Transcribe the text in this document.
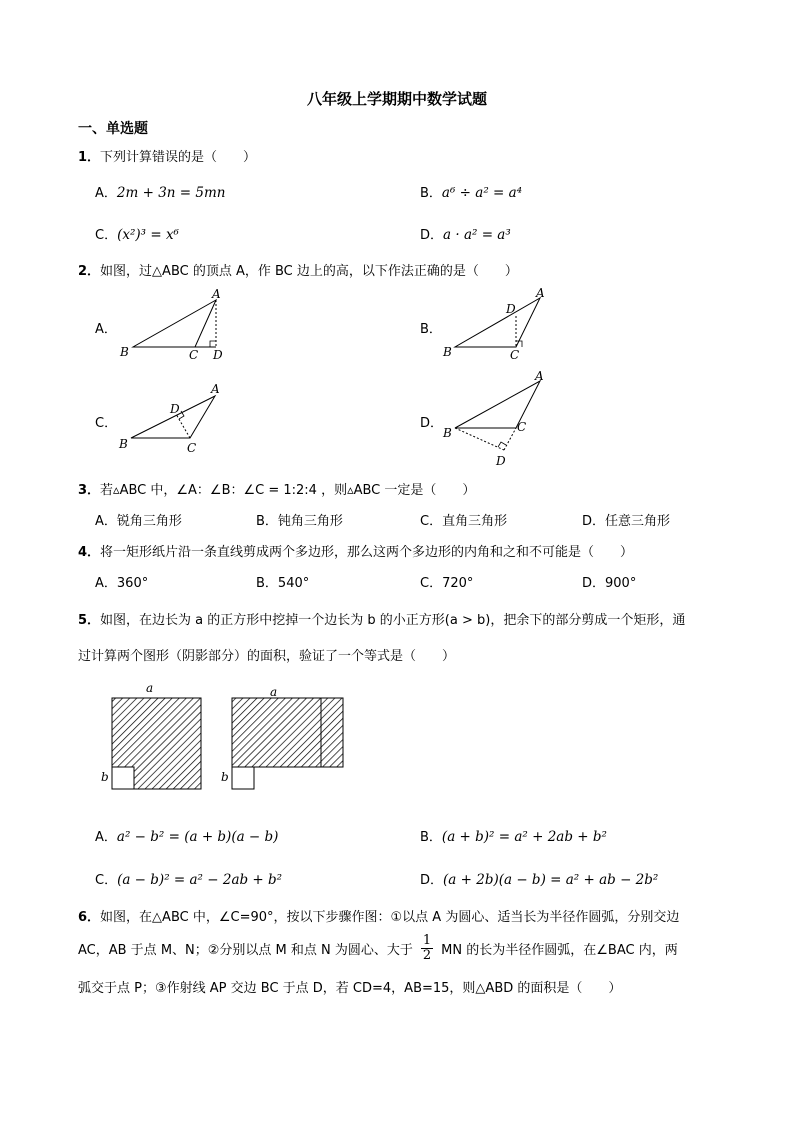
八年级上学期期中数学试题
一、单选题
1．下列计算错误的是（　　）
A．2m + 3n = 5mn	B．a⁶ ÷ a² = a⁴
C．(x²)³ = x⁶	D．a · a² = a³
2．如图，过△ABC 的顶点 A，作 BC 边上的高，以下作法正确的是（　　）
A．
A
B	C D
B．
A
B	C
D
C．
A
B	C
D
D．
A
B	C
D
3．若▵ABC 中，∠A：∠B：∠C = 1:2:4 ，则▵ABC 一定是（　　）
A．锐角三角形	B．钝角三角形	C．直角三角形	D．任意三角形
4．将一矩形纸片沿一条直线剪成两个多边形，那么这两个多边形的内角和之和不可能是（　　）
A．360°	B．540°	C．720°	D．900°
5．如图，在边长为 a 的正方形中挖掉一个边长为 b 的小正方形(a > b)，把余下的部分剪成一个矩形，通
过计算两个图形（阴影部分）的面积，验证了一个等式是（　　）
a
b
a
b
A．a² − b² = (a + b)(a − b)	B．(a + b)² = a² + 2ab + b²
C．(a − b)² = a² − 2ab + b²	D．(a + 2b)(a − b) = a² + ab − 2b²
6．如图，在△ABC 中，∠C=90°，按以下步骤作图：①以点 A 为圆心、适当长为半径作圆弧，分别交边
AC，AB 于点 M、N；②分别以点 M 和点 N 为圆心、大于 $\frac{1}{2}$ MN 的长为半径作圆弧，在∠BAC 内，两
弧交于点 P；③作射线 AP 交边 BC 于点 D，若 CD=4，AB=15，则△ABD 的面积是（　　）
